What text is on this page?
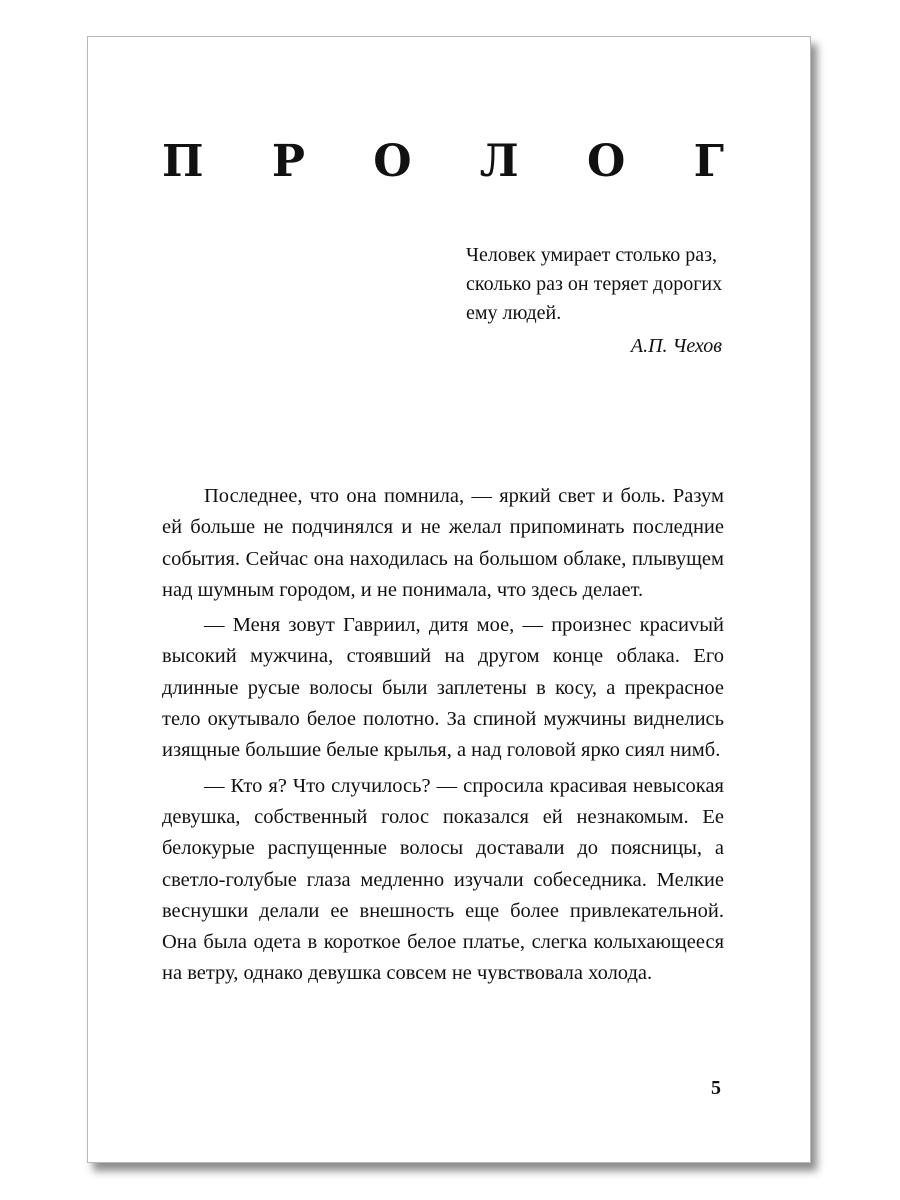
П Р О Л О Г

Человек умирает столько раз, сколько раз он теряет дорогих ему людей.

А.П. Чехов

Последнее, что она помнила, — яркий свет и боль. Разум ей больше не подчинялся и не желал припоминать последние события. Сейчас она находилась на большом облаке, плывущем над шумным городом, и не понимала, что здесь делает.

— Меня зовут Гавриил, дитя мое, — произнес красиvый высокий мужчина, стоявший на другом конце облака. Его длинные русые волосы были заплетены в косу, а прекрасное тело окутывало белое полотно. За спиной мужчины виднелись изящные большие белые крылья, а над головой ярко сиял нимб.

— Кто я? Что случилось? — спросила красивая невысокая девушка, собственный голос показался ей незнакомым. Ее белокурые распущенные волосы доставали до поясницы, а светло-голубые глаза медленно изучали собеседника. Мелкие веснушки делали ее внешность еще более привлекательной. Она была одета в короткое белое платье, слегка колыхающееся на ветру, однако девушка совсем не чувствовала холода.

5
